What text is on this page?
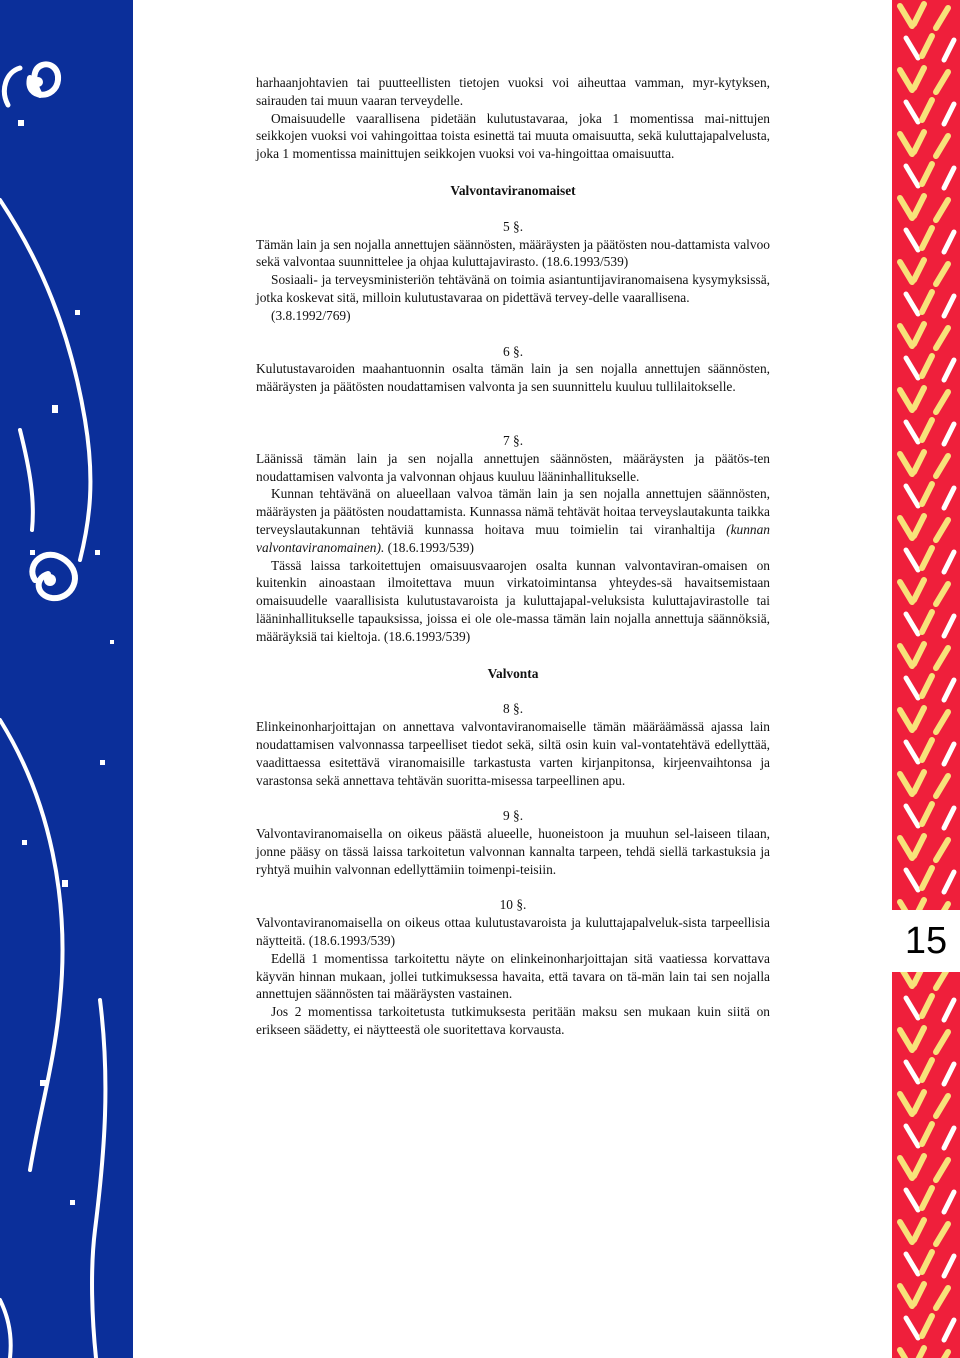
15

harhaanjohtavien tai puutteellisten tietojen vuoksi voi aiheuttaa vamman, myr-kytyksen, sairauden tai muun vaaran terveydelle.

Omaisuudelle vaarallisena pidetään kulutustavaraa, joka 1 momentissa mai-nittujen seikkojen vuoksi voi vahingoittaa toista esinettä tai muuta omaisuutta, sekä kuluttajapalvelusta, joka 1 momentissa mainittujen seikkojen vuoksi voi va-hingoittaa omaisuutta.

Valvontaviranomaiset

5 §.

Tämän lain ja sen nojalla annettujen säännösten, määräysten ja päätösten nou-dattamista valvoo sekä valvontaa suunnittelee ja ohjaa kuluttajavirasto. (18.6.1993/539)

Sosiaali- ja terveysministeriön tehtävänä on toimia asiantuntijaviranomaisena kysymyksissä, jotka koskevat sitä, milloin kulutustavaraa on pidettävä tervey-delle vaarallisena.

(3.8.1992/769)

6 §.

Kulutustavaroiden maahantuonnin osalta tämän lain ja sen nojalla annettujen säännösten, määräysten ja päätösten noudattamisen valvonta ja sen suunnittelu kuuluu tullilaitokselle.

7 §.

Läänissä tämän lain ja sen nojalla annettujen säännösten, määräysten ja päätös-ten noudattamisen valvonta ja valvonnan ohjaus kuuluu lääninhallitukselle.

Kunnan tehtävänä on alueellaan valvoa tämän lain ja sen nojalla annettujen säännösten, määräysten ja päätösten noudattamista. Kunnassa nämä tehtävät hoitaa terveyslautakunta taikka terveyslautakunnan tehtäviä kunnassa hoitava muu toimielin tai viranhaltija (kunnan valvontaviranomainen). (18.6.1993/539)

Tässä laissa tarkoitettujen omaisuusvaarojen osalta kunnan valvontaviran-omaisen on kuitenkin ainoastaan ilmoitettava muun virkatoimintansa yhteydes-sä havaitsemistaan omaisuudelle vaarallisista kulutustavaroista ja kuluttajapal-veluksista kuluttajavirastolle tai lääninhallitukselle tapauksissa, joissa ei ole ole-massa tämän lain nojalla annettuja säännöksiä, määräyksiä tai kieltoja. (18.6.1993/539)

Valvonta

8 §.

Elinkeinonharjoittajan on annettava valvontaviranomaiselle tämän määräämässä ajassa lain noudattamisen valvonnassa tarpeelliset tiedot sekä, siltä osin kuin val-vontatehtävä edellyttää, vaadittaessa esitettävä viranomaisille tarkastusta varten kirjanpitonsa, kirjeenvaihtonsa ja varastonsa sekä annettava tehtävän suoritta-misessa tarpeellinen apu.

9 §.

Valvontaviranomaisella on oikeus päästä alueelle, huoneistoon ja muuhun sel-laiseen tilaan, jonne pääsy on tässä laissa tarkoitetun valvonnan kannalta tarpeen, tehdä siellä tarkastuksia ja ryhtyä muihin valvonnan edellyttämiin toimenpi-teisiin.

10 §.

Valvontaviranomaisella on oikeus ottaa kulutustavaroista ja kuluttajapalveluk-sista tarpeellisia näytteitä. (18.6.1993/539)

Edellä 1 momentissa tarkoitettu näyte on elinkeinonharjoittajan sitä vaatiessa korvattava käyvän hinnan mukaan, jollei tutkimuksessa havaita, että tavara on tä-män lain tai sen nojalla annettujen säännösten tai määräysten vastainen.

Jos 2 momentissa tarkoitetusta tutkimuksesta peritään maksu sen mukaan kuin siitä on erikseen säädetty, ei näytteestä ole suoritettava korvausta.
